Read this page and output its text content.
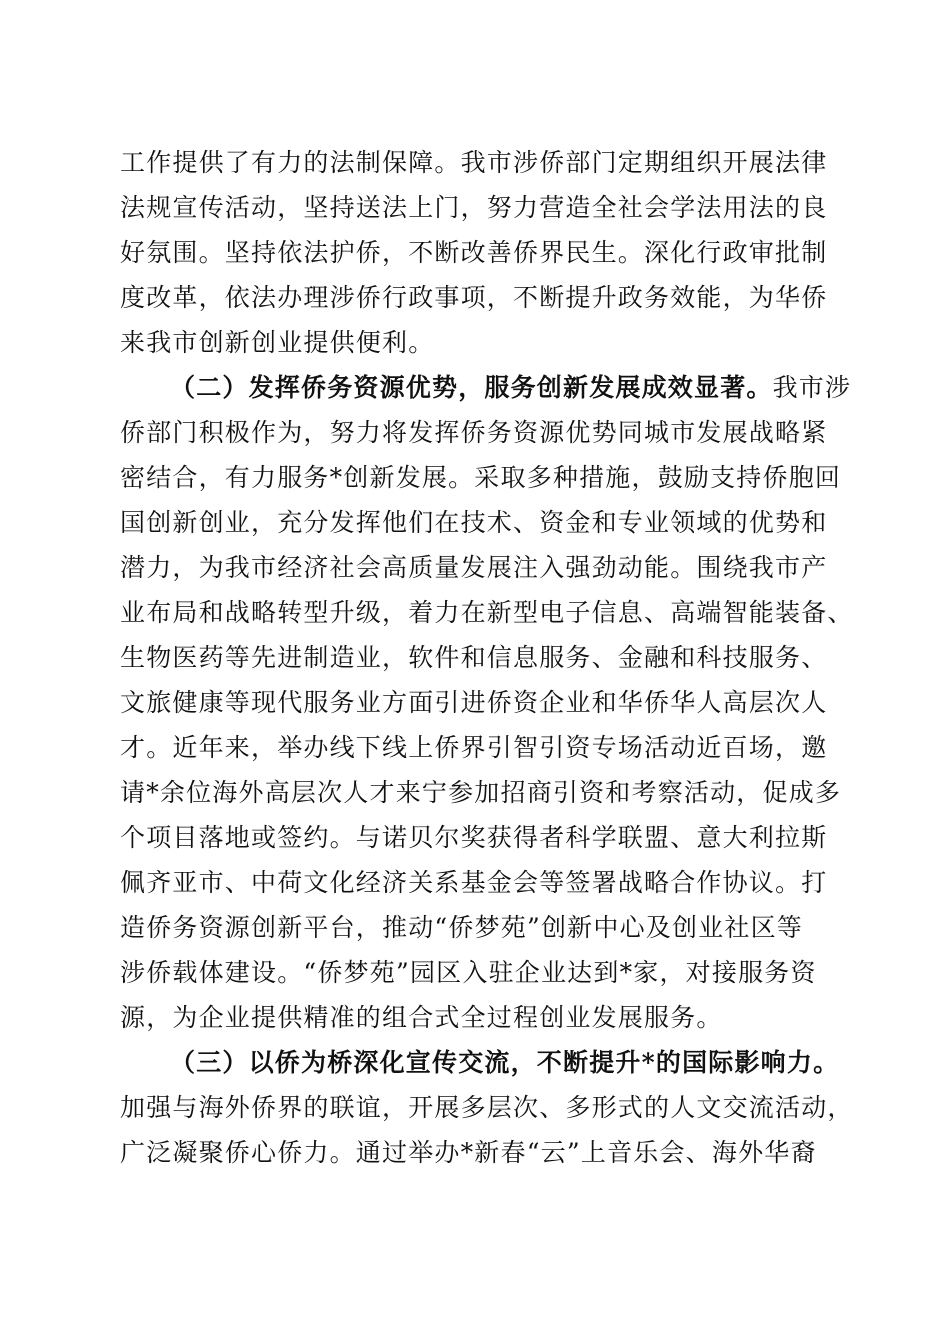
工作提供了有力的法制保障。我市涉侨部门定期组织开展法律
法规宣传活动，坚持送法上门，努力营造全社会学法用法的良
好氛围。坚持依法护侨，不断改善侨界民生。深化行政审批制
度改革，依法办理涉侨行政事项，不断提升政务效能，为华侨
来我市创新创业提供便利。
（二）发挥侨务资源优势，服务创新发展成效显著。我市涉
侨部门积极作为，努力将发挥侨务资源优势同城市发展战略紧
密结合，有力服务*创新发展。采取多种措施，鼓励支持侨胞回
国创新创业，充分发挥他们在技术、资金和专业领域的优势和
潜力，为我市经济社会高质量发展注入强劲动能。围绕我市产
业布局和战略转型升级，着力在新型电子信息、高端智能装备、
生物医药等先进制造业，软件和信息服务、金融和科技服务、
文旅健康等现代服务业方面引进侨资企业和华侨华人高层次人
才。近年来，举办线下线上侨界引智引资专场活动近百场，邀
请*余位海外高层次人才来宁参加招商引资和考察活动，促成多
个项目落地或签约。与诺贝尔奖获得者科学联盟、意大利拉斯
佩齐亚市、中荷文化经济关系基金会等签署战略合作协议。打
造侨务资源创新平台，推动“侨梦苑”创新中心及创业社区等
涉侨载体建设。“侨梦苑”园区入驻企业达到*家，对接服务资
源，为企业提供精准的组合式全过程创业发展服务。
（三）以侨为桥深化宣传交流，不断提升*的国际影响力。
加强与海外侨界的联谊，开展多层次、多形式的人文交流活动，
广泛凝聚侨心侨力。通过举办*新春“云”上音乐会、海外华裔
